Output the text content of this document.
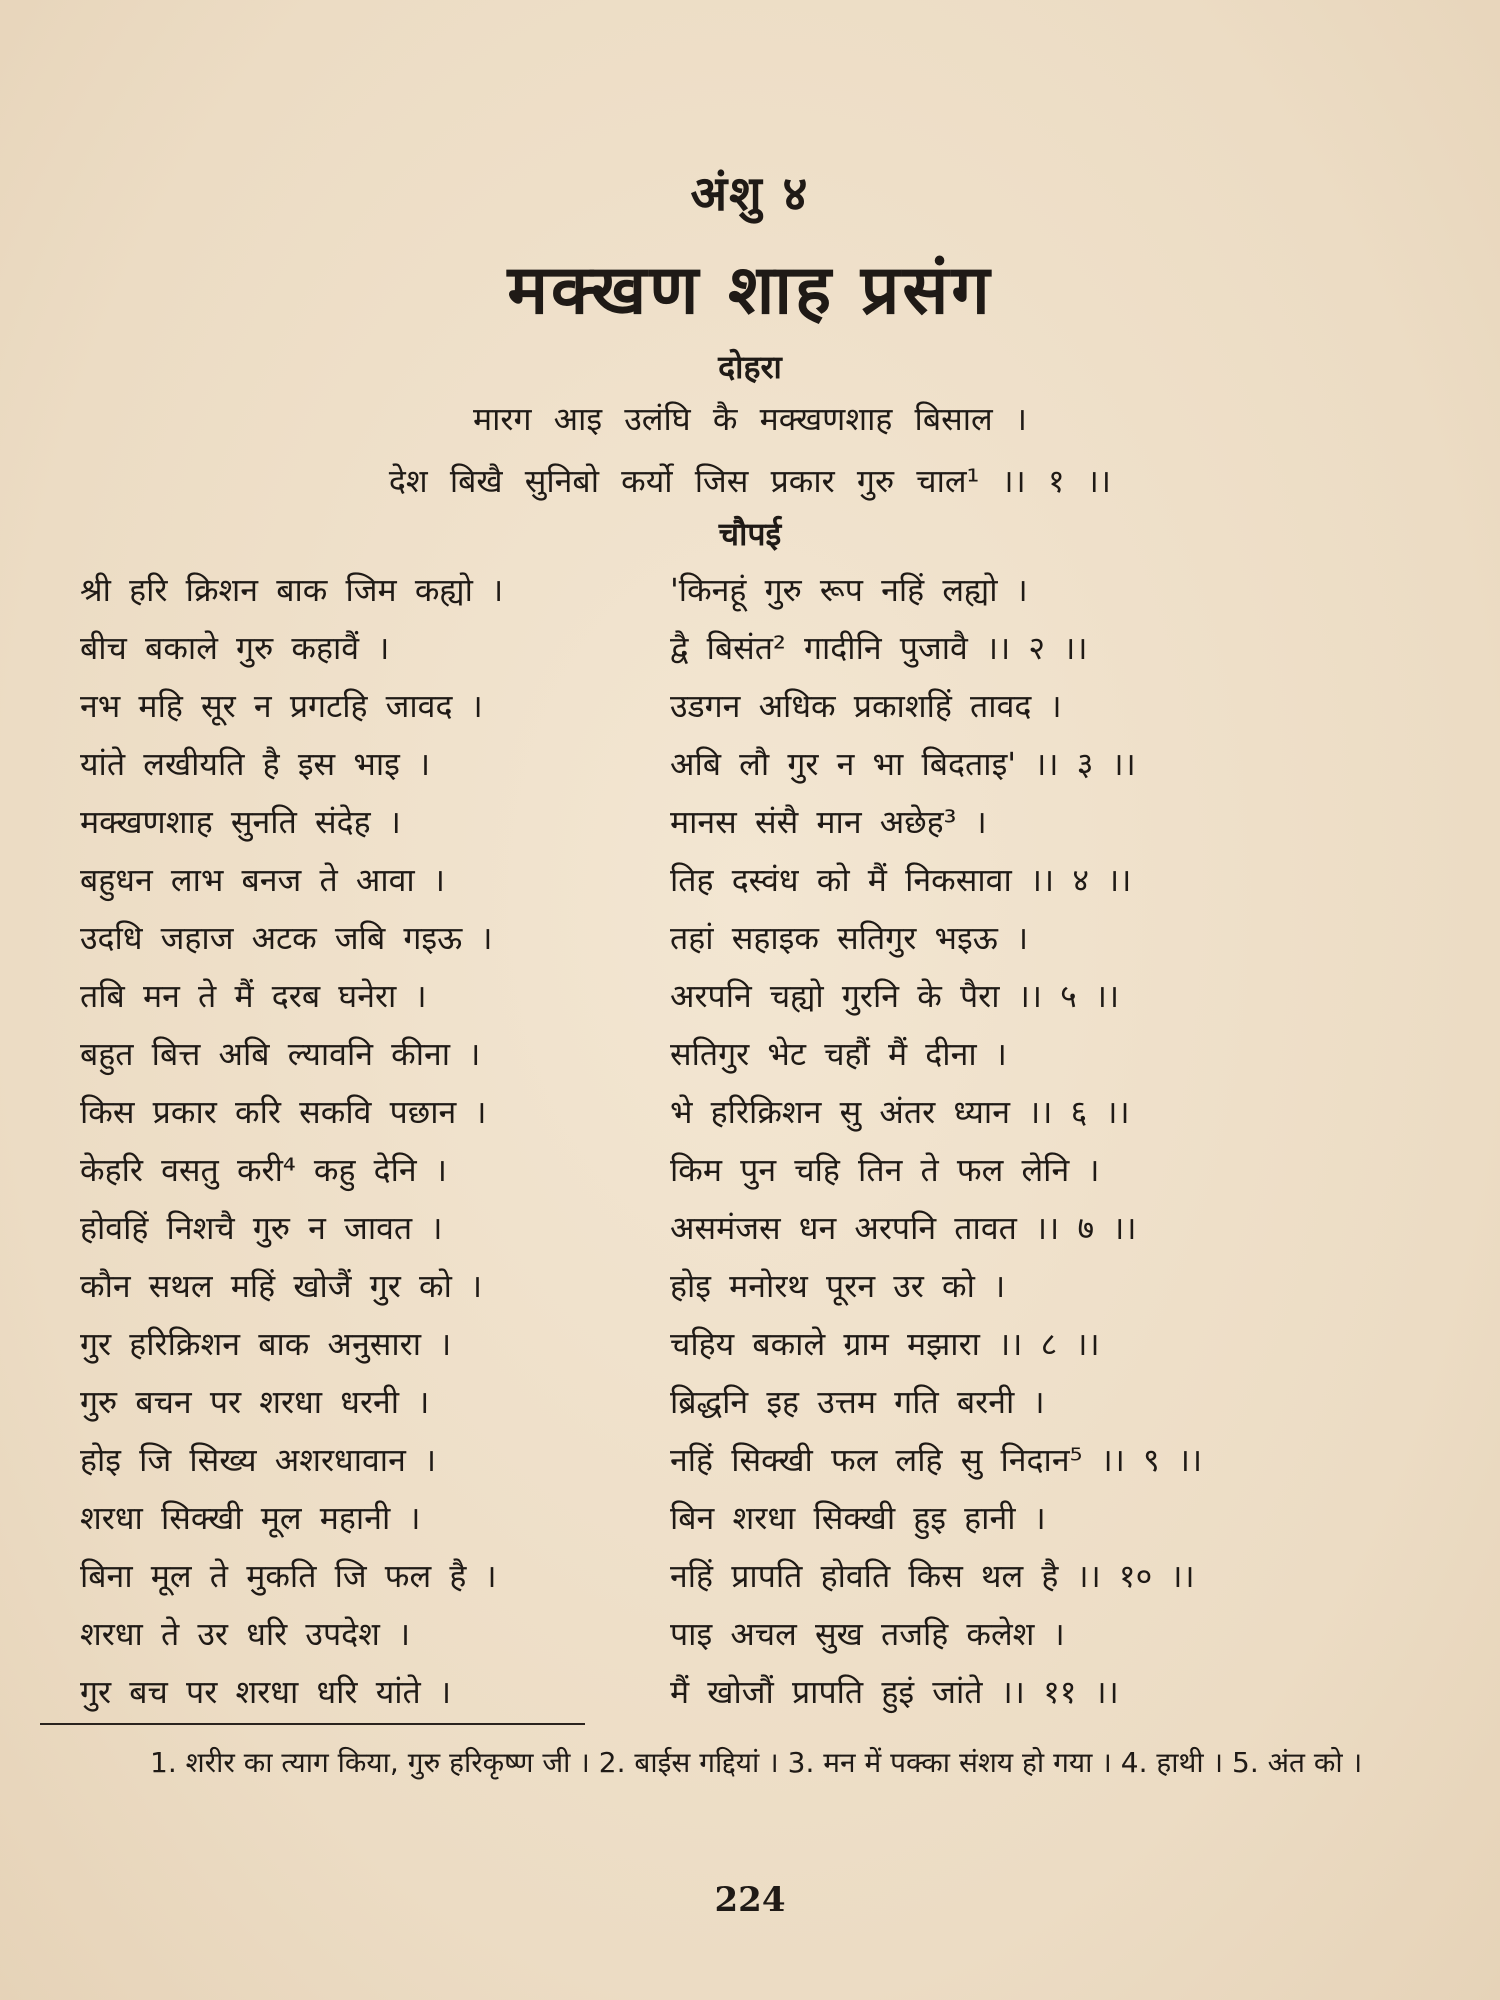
अंशु ४
मक्खण शाह प्रसंग
दोहरा
मारग आइ उलंघि कै मक्खणशाह बिसाल ।
देश बिखै सुनिबो कर्यो जिस प्रकार गुरु चाल¹ ।। १ ।।
चौपई
श्री हरि क्रिशन बाक जिम कह्यो ।	'किनहूं गुरु रूप नहिं लह्यो ।
बीच बकाले गुरु कहावैं ।	द्वै बिसंत² गादीनि पुजावै ।। २ ।।
नभ महि सूर न प्रगटहि जावद ।	उडगन अधिक प्रकाशहिं तावद ।
यांते लखीयति है इस भाइ ।	अबि लौ गुर न भा बिदताइ' ।। ३ ।।
मक्खणशाह सुनति संदेह ।	मानस संसै मान अछेह³ ।
बहुधन लाभ बनज ते आवा ।	तिह दस्वंध को मैं निकसावा ।। ४ ।।
उदधि जहाज अटक जबि गइऊ ।	तहां सहाइक सतिगुर भइऊ ।
तबि मन ते मैं दरब घनेरा ।	अरपनि चह्यो गुरनि के पैरा ।। ५ ।।
बहुत बित्त अबि ल्यावनि कीना ।	सतिगुर भेट चहौं मैं दीना ।
किस प्रकार करि सकवि पछान ।	भे हरिक्रिशन सु अंतर ध्यान ।। ६ ।।
केहरि वसतु करी⁴ कहु देनि ।	किम पुन चहि तिन ते फल लेनि ।
होवहिं निशचै गुरु न जावत ।	असमंजस धन अरपनि तावत ।। ७ ।।
कौन सथल महिं खोजैं गुर को ।	होइ मनोरथ पूरन उर को ।
गुर हरिक्रिशन बाक अनुसारा ।	चहिय बकाले ग्राम मझारा ।। ८ ।।
गुरु बचन पर शरधा धरनी ।	ब्रिद्धनि इह उत्तम गति बरनी ।
होइ जि सिख्य अशरधावान ।	नहिं सिक्खी फल लहि सु निदान⁵ ।। ९ ।।
शरधा सिक्खी मूल महानी ।	बिन शरधा सिक्खी हुइ हानी ।
बिना मूल ते मुकति जि फल है ।	नहिं प्रापति होवति किस थल है ।। १० ।।
शरधा ते उर धरि उपदेश ।	पाइ अचल सुख तजहि कलेश ।
गुर बच पर शरधा धरि यांते ।	मैं खोजौं प्रापति हुइं जांते ।। ११ ।।
1. शरीर का त्याग किया, गुरु हरिकृष्ण जी । 2. बाईस गद्दियां । 3. मन में पक्का संशय हो गया । 4. हाथी । 5. अंत को ।
224
